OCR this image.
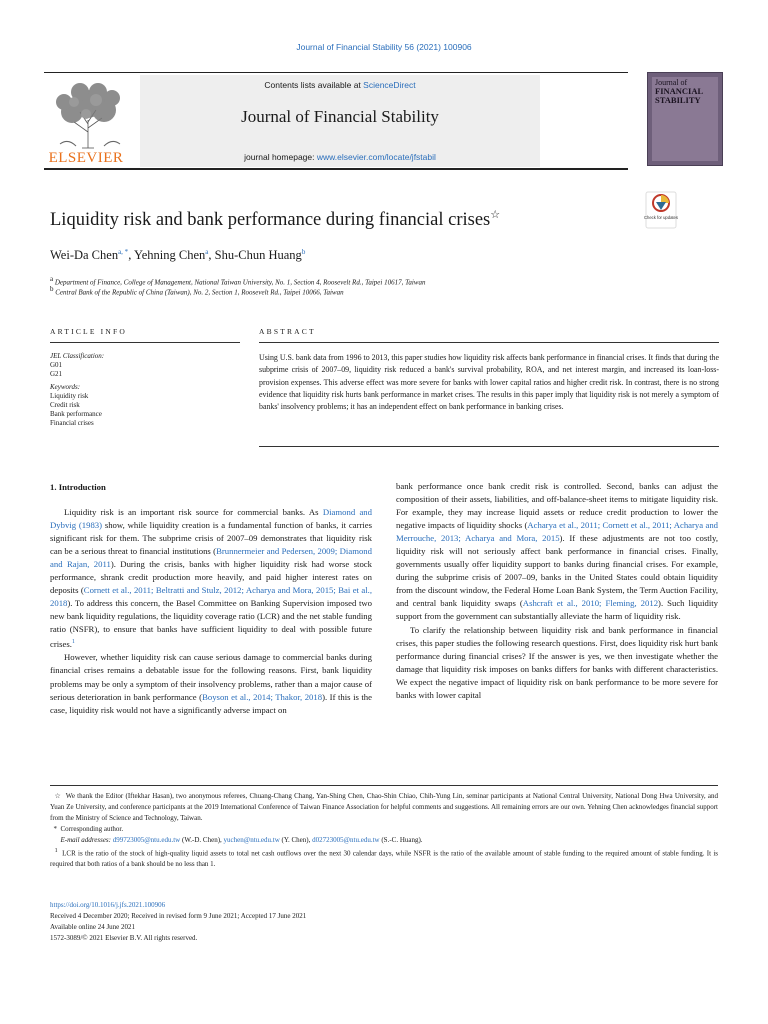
Journal of Financial Stability 56 (2021) 100906
Contents lists available at ScienceDirect
Journal of Financial Stability
journal homepage: www.elsevier.com/locate/jfstabil
ELSEVIER
Journal of
FINANCIAL
STABILITY
Liquidity risk and bank performance during financial crises☆	Check for updates
Wei-Da Chen$^{a, *}$, Yehning Chen$^a$, Shu-Chun Huang$^b$
a Department of Finance, College of Management, National Taiwan University, No. 1, Section 4, Roosevelt Rd., Taipei 10617, Taiwan
b Central Bank of the Republic of China (Taiwan), No. 2, Section 1, Roosevelt Rd., Taipei 10066, Taiwan
ARTICLE INFO	ABSTRACT
JEL Classification:
G01
G21
Keywords:
Liquidity risk
Credit risk
Bank performance
Financial crises
Using U.S. bank data from 1996 to 2013, this paper studies how liquidity risk affects bank performance in financial crises. It finds that during the subprime crisis of 2007–09, liquidity risk reduced a bank's survival probability, ROA, and net interest margin, and increased its loan-loss-provision expenses. This adverse effect was more severe for banks with lower capital ratios and higher credit risk. In contrast, there is no strong evidence that liquidity risk hurts bank performance in market crises. The results in this paper imply that liquidity risk is not merely a symptom of banks' insolvency problems; it has an independent effect on bank performance in banking crises.
1. Introduction

Liquidity risk is an important risk source for commercial banks. As Diamond and Dybvig (1983) show, while liquidity creation is a fundamental function of banks, it carries significant risk for them. The subprime crisis of 2007–09 demonstrates that liquidity risk can be a serious threat to financial institutions (Brunnermeier and Pedersen, 2009; Diamond and Rajan, 2011). During the crisis, banks with higher liquidity risk had worse stock performance, shrank credit production more heavily, and paid higher interest rates on deposits (Cornett et al., 2011; Beltratti and Stulz, 2012; Acharya and Mora, 2015; Bai et al., 2018). To address this concern, the Basel Committee on Banking Supervision imposed two new bank liquidity regulations, the liquidity coverage ratio (LCR) and the net stable funding ratio (NSFR), to ensure that banks have sufficient liquidity to deal with possible future crises.$^1$

However, whether liquidity risk can cause serious damage to commercial banks during financial crises remains a debatable issue for the following reasons. First, bank liquidity problems may be only a symptom of their insolvency problems, rather than a major cause of serious deterioration in bank performance (Boyson et al., 2014; Thakor, 2018). If this is the case, liquidity risk would not have a significantly adverse impact on

bank performance once bank credit risk is controlled. Second, banks can adjust the composition of their assets, liabilities, and off-balance-sheet items to mitigate liquidity risk. For example, they may increase liquid assets or reduce credit production to lower the negative impacts of liquidity shocks (Acharya et al., 2011; Cornett et al., 2011; Acharya and Merrouche, 2013; Acharya and Mora, 2015). If these adjustments are not too costly, liquidity risk will not seriously affect bank performance in financial crises. Finally, governments usually offer liquidity support to banks during financial crises. For example, during the subprime crisis of 2007–09, banks in the United States could obtain liquidity from the discount window, the Federal Home Loan Bank System, the Term Auction Facility, and central bank liquidity swaps (Ashcraft et al., 2010; Fleming, 2012). Such liquidity support from the government can substantially alleviate the harm of liquidity risk.

To clarify the relationship between liquidity risk and bank performance in financial crises, this paper studies the following research questions. First, does liquidity risk hurt bank performance during financial crises? If the answer is yes, we then investigate whether the damage that liquidity risk imposes on banks differs for banks with different characteristics. We expect the negative impact of liquidity risk on bank performance to be more severe for banks with lower capital

☆ We thank the Editor (Iftekhar Hasan), two anonymous referees, Chuang-Chang Chang, Yan-Shing Chen, Chao-Shin Chiao, Chih-Yung Lin, seminar participants at National Central University, National Dong Hwa University, and Yuan Ze University, and conference participants at the 2019 International Conference of Taiwan Finance Association for helpful comments and suggestions. All remaining errors are our own. Yehning Chen acknowledges financial support from the Ministry of Science and Technology, Taiwan.

* Corresponding author.

E-mail addresses: d99723005@ntu.edu.tw (W.-D. Chen), yuchen@ntu.edu.tw (Y. Chen), d02723005@ntu.edu.tw (S.-C. Huang).

$^1$ LCR is the ratio of the stock of high-quality liquid assets to total net cash outflows over the next 30 calendar days, while NSFR is the ratio of the available amount of stable funding to the required amount of stable funding. It is required that both ratios of a bank should be no less than 1.

https://doi.org/10.1016/j.jfs.2021.100906

Received 4 December 2020; Received in revised form 9 June 2021; Accepted 17 June 2021

Available online 24 June 2021

1572-3089/© 2021 Elsevier B.V. All rights reserved.
